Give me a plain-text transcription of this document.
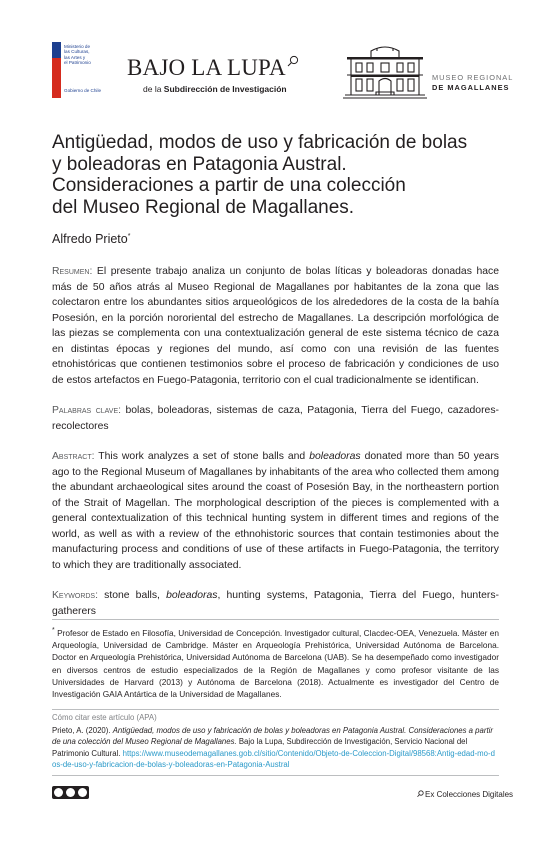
Ministerio de
las Culturas,
las Artes y
el Patrimonio
Gobierno de Chile
BAJO LA LUPA
de la Subdirección de Investigación
MUSEO REGIONAL
DE MAGALLANES
Antigüedad, modos de uso y fabricación de bolas
y boleadoras en Patagonia Austral.
Consideraciones a partir de una colección
del Museo Regional de Magallanes.
Alfredo Prieto*
Resumen: El presente trabajo analiza un conjunto de bolas líticas y boleadoras donadas hace más de 50 años atrás al Museo Regional de Magallanes por habitantes de la zona que las colectaron entre los abundantes sitios arqueológicos de los alrededores de la costa de la bahía Posesión, en la porción nororiental del estrecho de Magallanes. La descripción morfológica de las piezas se complementa con una contextualización general de este sistema técnico de caza en distintas épocas y regiones del mundo, así como con una revisión de las fuentes etnohistóricas que contienen testimonios sobre el proceso de fabricación y condiciones de uso de estos artefactos en Fuego-Patagonia, territorio con el cual tradicionalmente se identifican.
Palabras clave: bolas, boleadoras, sistemas de caza, Patagonia, Tierra del Fuego, cazadores-recolectores
Abstract: This work analyzes a set of stone balls and boleadoras donated more than 50 years ago to the Regional Museum of Magallanes by inhabitants of the area who collected them among the abundant archaeological sites around the coast of Posesión Bay, in the northeastern portion of the Strait of Magellan. The morphological description of the pieces is complemented with a general contextualization of this technical hunting system in different times and regions of the world, as well as with a review of the ethnohistoric sources that contain testimonies about the manufacturing process and conditions of use of these artifacts in Fuego-Patagonia, the territory to which they are traditionally associated.
Keywords: stone balls, boleadoras, hunting systems, Patagonia, Tierra del Fuego, hunters-gatherers
* Profesor de Estado en Filosofía, Universidad de Concepción. Investigador cultural, Clacdec-OEA, Venezuela. Máster en Arqueología, Universidad de Cambridge. Máster en Arqueología Prehistórica, Universidad Autónoma de Barcelona. Doctor en Arqueología Prehistórica, Universidad Autónoma de Barcelona (UAB). Se ha desempeñado como investigador en diversos centros de estudio especializados de la Región de Magallanes y como profesor visitante de las Universidades de Harvard (2013) y Autónoma de Barcelona (2018). Actualmente es investigador del Centro de Investigación GAIA Antártica de la Universidad de Magallanes.
Cómo citar este artículo (APA)
Prieto, A. (2020). Antigüedad, modos de uso y fabricación de bolas y boleadoras en Patagonia Austral. Consideraciones a partir de una colección del Museo Regional de Magallanes. Bajo la Lupa, Subdirección de Investigación, Servicio Nacional del Patrimonio Cultural. https://www.museodemagallanes.gob.cl/sitio/Contenido/Objeto-de-Coleccion-Digital/98568:Antig-edad-mo-dos-de-uso-y-fabricacion-de-bolas-y-boleadoras-en-Patagonia-Austral
Ex Colecciones Digitales
